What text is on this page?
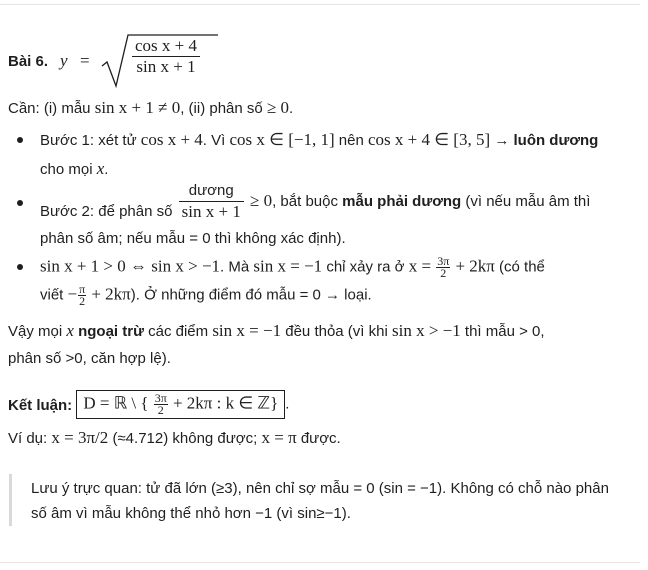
Bài 6. $y = \frac{\text{cos x + 4}}{\text{sin x + 1}}$
Cần: (i) mẫu sin x + 1 ≠ 0, (ii) phân số ≥ 0.
Bước 1: xét tử cos x + 4. Vì cos x ∈ [−1, 1] nên cos x + 4 ∈ [3, 5] → luôn dương
cho mọi x.
Bước 2: để phân số $\frac{\text{dương}}{\text{sin x + 1}} \ge 0$, bắt buộc mẫu phải dương (vì nếu mẫu âm thì
phân số âm; nếu mẫu = 0 thì không xác định).
sin x + 1 > 0 ⇔ sin x > −1. Mà sin x = −1 chỉ xảy ra ở $x = \frac{3\pi}{2} + 2k\pi$ (có thể
viết − $\frac{\pi}{2} + 2k\pi$). Ở những điểm đó mẫu = 0 → loại.
Vậy mọi x ngoại trừ các điểm sin x = −1 đều thỏa (vì khi sin x > −1 thì mẫu > 0,
phân số >0, căn hợp lệ).
Kết luận: D = ℝ \ { $\frac{3\pi}{2} + 2k\pi$ : k ∈ ℤ} .
Ví dụ: x = 3π/2 (≈4.712) không được; x = π được.
Lưu ý trực quan: tử đã lớn (≥3), nên chỉ sợ mẫu = 0 (sin = −1). Không có chỗ nào phân
số âm vì mẫu không thể nhỏ hơn −1 (vì sin≥−1).
